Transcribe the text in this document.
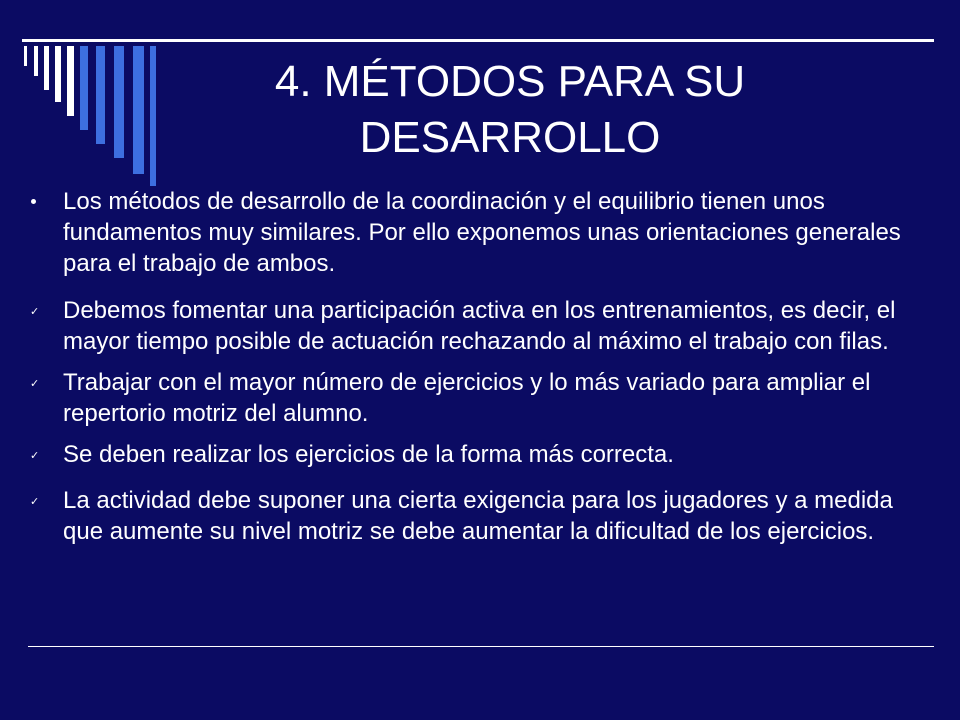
4. MÉTODOS PARA SU DESARROLLO
Los métodos de desarrollo de la coordinación y el equilibrio tienen unos fundamentos muy similares. Por ello exponemos unas orientaciones generales para el trabajo de ambos.
✓ Debemos fomentar una participación activa en los entrenamientos, es decir, el mayor tiempo posible de actuación rechazando al máximo el trabajo con filas.
✓ Trabajar con el mayor número de ejercicios y lo más variado para ampliar el repertorio motriz del alumno.
✓ Se deben realizar los ejercicios de la forma más correcta.
✓ La actividad debe suponer una cierta exigencia para los jugadores y a medida que aumente su nivel motriz se debe aumentar la dificultad de los ejercicios.
